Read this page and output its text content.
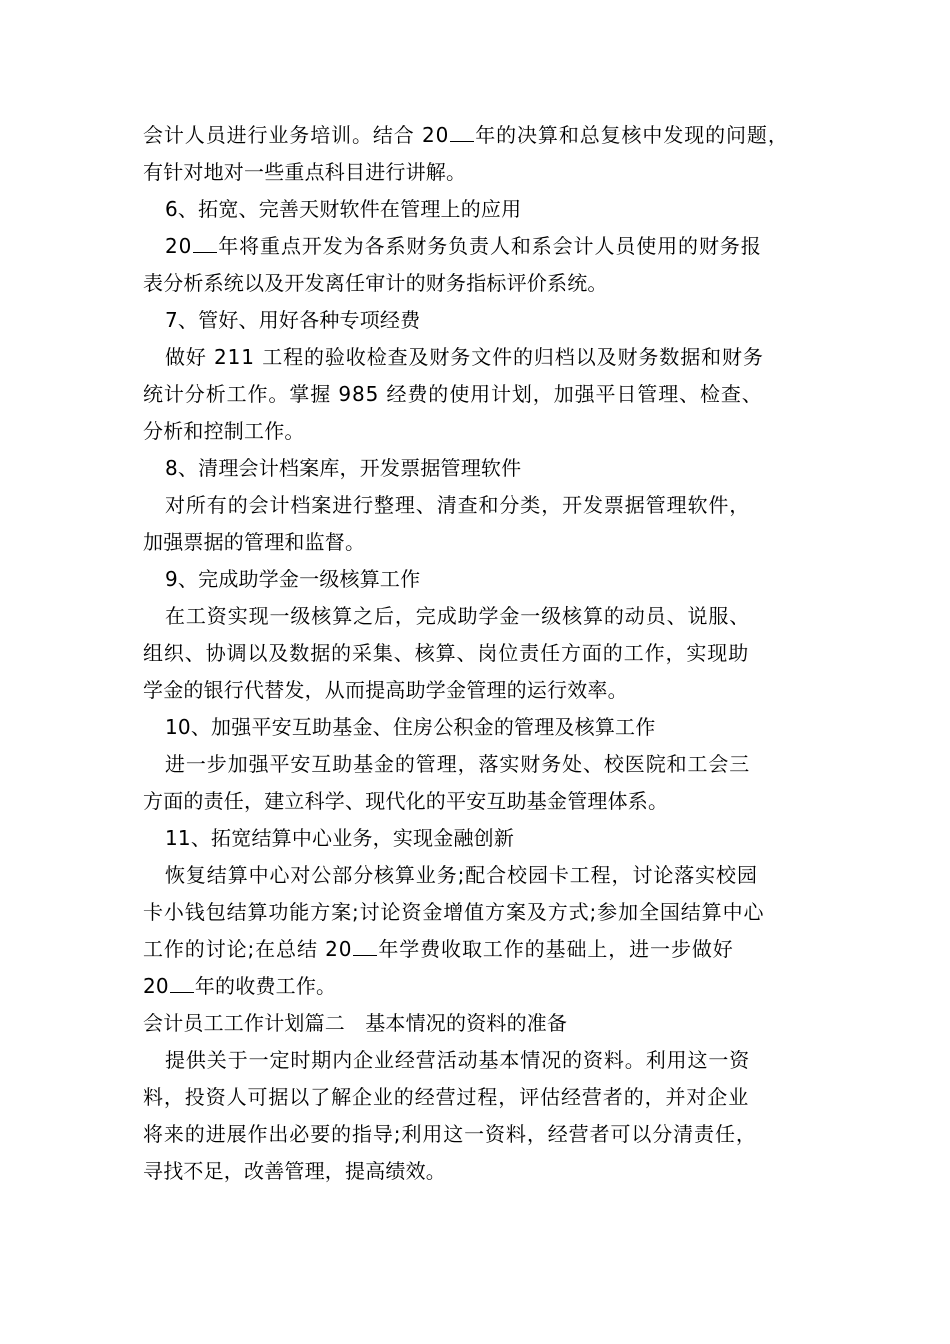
会计人员进行业务培训。结合 20 年的决算和总复核中发现的问题，
有针对地对一些重点科目进行讲解。
6、拓宽、完善天财软件在管理上的应用
20 年将重点开发为各系财务负责人和系会计人员使用的财务报
表分析系统以及开发离任审计的财务指标评价系统。
7、管好、用好各种专项经费
做好 211 工程的验收检查及财务文件的归档以及财务数据和财务
统计分析工作。掌握 985 经费的使用计划，加强平日管理、检查、
分析和控制工作。
8、清理会计档案库，开发票据管理软件
对所有的会计档案进行整理、清查和分类，开发票据管理软件，
加强票据的管理和监督。
9、完成助学金一级核算工作
在工资实现一级核算之后，完成助学金一级核算的动员、说服、
组织、协调以及数据的采集、核算、岗位责任方面的工作，实现助
学金的银行代替发，从而提高助学金管理的运行效率。
10、加强平安互助基金、住房公积金的管理及核算工作
进一步加强平安互助基金的管理，落实财务处、校医院和工会三
方面的责任，建立科学、现代化的平安互助基金管理体系。
11、拓宽结算中心业务，实现金融创新
恢复结算中心对公部分核算业务;配合校园卡工程，讨论落实校园
卡小钱包结算功能方案;讨论资金增值方案及方式;参加全国结算中心
工作的讨论;在总结 20 年学费收取工作的基础上，进一步做好
20 年的收费工作。
会计员工工作计划篇二　基本情况的资料的准备
提供关于一定时期内企业经营活动基本情况的资料。利用这一资
料，投资人可据以了解企业的经营过程，评估经营者的，并对企业
将来的进展作出必要的指导;利用这一资料，经营者可以分清责任，
寻找不足，改善管理，提高绩效。
